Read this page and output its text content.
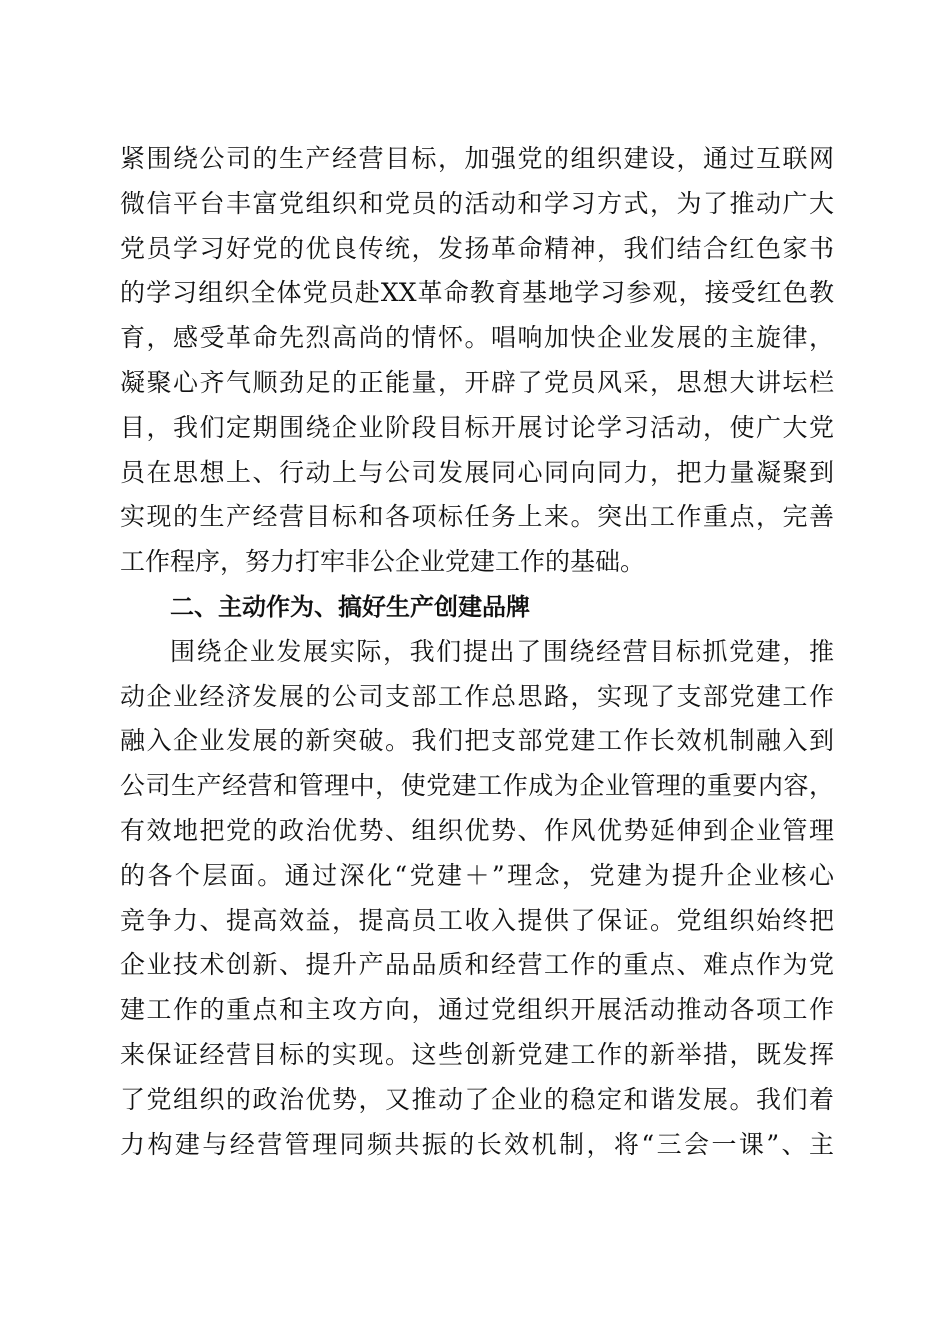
紧围绕公司的生产经营目标，加强党的组织建设，通过互联网
微信平台丰富党组织和党员的活动和学习方式，为了推动广大
党员学习好党的优良传统，发扬革命精神，我们结合红色家书
的学习组织全体党员赴XX革命教育基地学习参观，接受红色教
育，感受革命先烈高尚的情怀。唱响加快企业发展的主旋律，
凝聚心齐气顺劲足的正能量，开辟了党员风采，思想大讲坛栏
目，我们定期围绕企业阶段目标开展讨论学习活动，使广大党
员在思想上、行动上与公司发展同心同向同力，把力量凝聚到
实现的生产经营目标和各项标任务上来。突出工作重点，完善
工作程序，努力打牢非公企业党建工作的基础。
二、主动作为、搞好生产创建品牌
围绕企业发展实际，我们提出了围绕经营目标抓党建，推
动企业经济发展的公司支部工作总思路，实现了支部党建工作
融入企业发展的新突破。我们把支部党建工作长效机制融入到
公司生产经营和管理中，使党建工作成为企业管理的重要内容，
有效地把党的政治优势、组织优势、作风优势延伸到企业管理
的各个层面。通过深化“党建＋”理念，党建为提升企业核心
竞争力、提高效益，提高员工收入提供了保证。党组织始终把
企业技术创新、提升产品品质和经营工作的重点、难点作为党
建工作的重点和主攻方向，通过党组织开展活动推动各项工作
来保证经营目标的实现。这些创新党建工作的新举措，既发挥
了党组织的政治优势，又推动了企业的稳定和谐发展。我们着
力构建与经营管理同频共振的长效机制，将“三会一课”、主
